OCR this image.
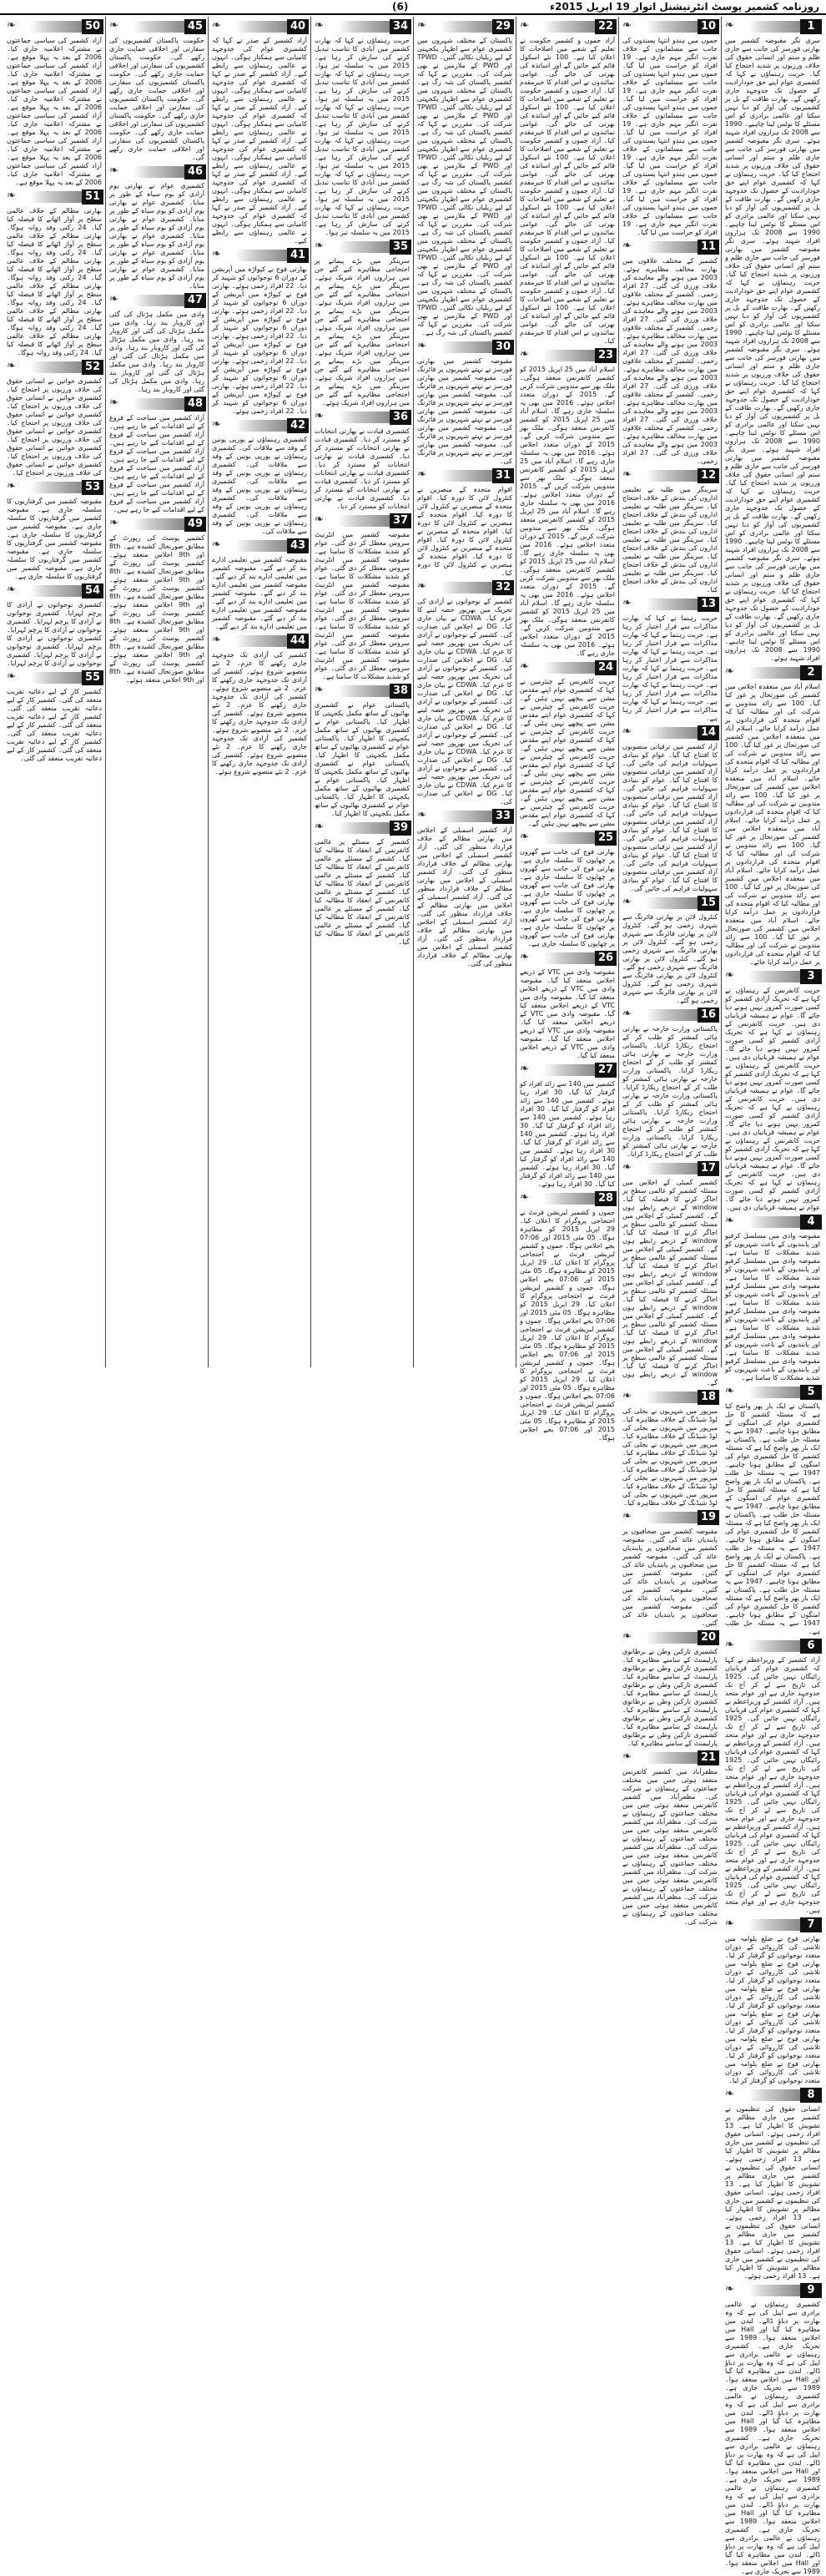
(6)	روزنامہ کشمیر پوسٹ انٹرنیشنل اتوار 19 اپریل 2015ء
1
❧
سری نگر مقبوضہ کشمیر میں بھارتی فورسز کی جانب سے جاری ظلم و ستم اور انسانی حقوق کی خلاف ورزیوں پر شدید احتجاج کیا گیا۔ حریت رہنماؤں نے کہا کہ کشمیری عوام اپنے حق خودارادیت کے حصول تک جدوجہد جاری رکھیں گے۔ بھارت طاقت کے بل پر کشمیریوں کی آواز کو دبا نہیں سکتا اور عالمی برادری کو اس مسئلے کا نوٹس لینا چاہیے۔ 1990 سے 2008 تک ہزاروں افراد شہید ہوئے۔ سری نگر مقبوضہ کشمیر میں بھارتی فورسز کی جانب سے جاری ظلم و ستم اور انسانی حقوق کی خلاف ورزیوں پر شدید احتجاج کیا گیا۔ حریت رہنماؤں نے کہا کہ کشمیری عوام اپنے حق خودارادیت کے حصول تک جدوجہد جاری رکھیں گے۔ بھارت طاقت کے بل پر کشمیریوں کی آواز کو دبا نہیں سکتا اور عالمی برادری کو اس مسئلے کا نوٹس لینا چاہیے۔ 1990 سے 2008 تک ہزاروں افراد شہید ہوئے۔ سری نگر مقبوضہ کشمیر میں بھارتی فورسز کی جانب سے جاری ظلم و ستم اور انسانی حقوق کی خلاف ورزیوں پر شدید احتجاج کیا گیا۔ حریت رہنماؤں نے کہا کہ کشمیری عوام اپنے حق خودارادیت کے حصول تک جدوجہد جاری رکھیں گے۔ بھارت طاقت کے بل پر کشمیریوں کی آواز کو دبا نہیں سکتا اور عالمی برادری کو اس مسئلے کا نوٹس لینا چاہیے۔ 1990 سے 2008 تک ہزاروں افراد شہید ہوئے۔ سری نگر مقبوضہ کشمیر میں بھارتی فورسز کی جانب سے جاری ظلم و ستم اور انسانی حقوق کی خلاف ورزیوں پر شدید احتجاج کیا گیا۔ حریت رہنماؤں نے کہا کہ کشمیری عوام اپنے حق خودارادیت کے حصول تک جدوجہد جاری رکھیں گے۔ بھارت طاقت کے بل پر کشمیریوں کی آواز کو دبا نہیں سکتا اور عالمی برادری کو اس مسئلے کا نوٹس لینا چاہیے۔ 1990 سے 2008 تک ہزاروں افراد شہید ہوئے۔ سری نگر مقبوضہ کشمیر میں بھارتی فورسز کی جانب سے جاری ظلم و ستم اور انسانی حقوق کی خلاف ورزیوں پر شدید احتجاج کیا گیا۔ حریت رہنماؤں نے کہا کہ کشمیری عوام اپنے حق خودارادیت کے حصول تک جدوجہد جاری رکھیں گے۔ بھارت طاقت کے بل پر کشمیریوں کی آواز کو دبا نہیں سکتا اور عالمی برادری کو اس مسئلے کا نوٹس لینا چاہیے۔ 1990 سے 2008 تک ہزاروں افراد شہید ہوئے۔ سری نگر مقبوضہ کشمیر میں بھارتی فورسز کی جانب سے جاری ظلم و ستم اور انسانی حقوق کی خلاف ورزیوں پر شدید احتجاج کیا گیا۔ حریت رہنماؤں نے کہا کہ کشمیری عوام اپنے حق خودارادیت کے حصول تک جدوجہد جاری رکھیں گے۔ بھارت طاقت کے بل پر کشمیریوں کی آواز کو دبا نہیں سکتا اور عالمی برادری کو اس مسئلے کا نوٹس لینا چاہیے۔ 1990 سے 2008 تک ہزاروں افراد شہید ہوئے۔
2
❧
اسلام آباد میں منعقدہ اجلاس میں کشمیر کی صورتحال پر غور کیا گیا۔ 100 سے زائد مندوبین نے شرکت کی اور مطالبہ کیا کہ اقوام متحدہ کی قراردادوں پر عمل درآمد کرایا جائے۔ اسلام آباد میں منعقدہ اجلاس میں کشمیر کی صورتحال پر غور کیا گیا۔ 100 سے زائد مندوبین نے شرکت کی اور مطالبہ کیا کہ اقوام متحدہ کی قراردادوں پر عمل درآمد کرایا جائے۔ اسلام آباد میں منعقدہ اجلاس میں کشمیر کی صورتحال پر غور کیا گیا۔ 100 سے زائد مندوبین نے شرکت کی اور مطالبہ کیا کہ اقوام متحدہ کی قراردادوں پر عمل درآمد کرایا جائے۔ اسلام آباد میں منعقدہ اجلاس میں کشمیر کی صورتحال پر غور کیا گیا۔ 100 سے زائد مندوبین نے شرکت کی اور مطالبہ کیا کہ اقوام متحدہ کی قراردادوں پر عمل درآمد کرایا جائے۔ اسلام آباد میں منعقدہ اجلاس میں کشمیر کی صورتحال پر غور کیا گیا۔ 100 سے زائد مندوبین نے شرکت کی اور مطالبہ کیا کہ اقوام متحدہ کی قراردادوں پر عمل درآمد کرایا جائے۔ اسلام آباد میں منعقدہ اجلاس میں کشمیر کی صورتحال پر غور کیا گیا۔ 100 سے زائد مندوبین نے شرکت کی اور مطالبہ کیا کہ اقوام متحدہ کی قراردادوں پر عمل درآمد کرایا جائے۔
3
❧
حریت کانفرنس کے رہنماؤں نے کہا ہے کہ تحریک آزادی کشمیر کو کسی صورت کمزور نہیں ہونے دیا جائے گا۔ عوام نے ہمیشہ قربانیاں دی ہیں۔ حریت کانفرنس کے رہنماؤں نے کہا ہے کہ تحریک آزادی کشمیر کو کسی صورت کمزور نہیں ہونے دیا جائے گا۔ عوام نے ہمیشہ قربانیاں دی ہیں۔ حریت کانفرنس کے رہنماؤں نے کہا ہے کہ تحریک آزادی کشمیر کو کسی صورت کمزور نہیں ہونے دیا جائے گا۔ عوام نے ہمیشہ قربانیاں دی ہیں۔ حریت کانفرنس کے رہنماؤں نے کہا ہے کہ تحریک آزادی کشمیر کو کسی صورت کمزور نہیں ہونے دیا جائے گا۔ عوام نے ہمیشہ قربانیاں دی ہیں۔ حریت کانفرنس کے رہنماؤں نے کہا ہے کہ تحریک آزادی کشمیر کو کسی صورت کمزور نہیں ہونے دیا جائے گا۔ عوام نے ہمیشہ قربانیاں دی ہیں۔ حریت کانفرنس کے رہنماؤں نے کہا ہے کہ تحریک آزادی کشمیر کو کسی صورت کمزور نہیں ہونے دیا جائے گا۔ عوام نے ہمیشہ قربانیاں دی ہیں۔
4
❧
مقبوضہ وادی میں مسلسل کرفیو اور پابندیوں کے باعث شہریوں کو شدید مشکلات کا سامنا ہے۔ مقبوضہ وادی میں مسلسل کرفیو اور پابندیوں کے باعث شہریوں کو شدید مشکلات کا سامنا ہے۔ مقبوضہ وادی میں مسلسل کرفیو اور پابندیوں کے باعث شہریوں کو شدید مشکلات کا سامنا ہے۔ مقبوضہ وادی میں مسلسل کرفیو اور پابندیوں کے باعث شہریوں کو شدید مشکلات کا سامنا ہے۔ مقبوضہ وادی میں مسلسل کرفیو اور پابندیوں کے باعث شہریوں کو شدید مشکلات کا سامنا ہے۔ مقبوضہ وادی میں مسلسل کرفیو اور پابندیوں کے باعث شہریوں کو شدید مشکلات کا سامنا ہے۔
5
❧
پاکستان نے ایک بار پھر واضح کیا ہے کہ مسئلہ کشمیر کا حل کشمیری عوام کی امنگوں کے مطابق ہونا چاہیے۔ 1947 سے یہ مسئلہ حل طلب ہے۔ پاکستان نے ایک بار پھر واضح کیا ہے کہ مسئلہ کشمیر کا حل کشمیری عوام کی امنگوں کے مطابق ہونا چاہیے۔ 1947 سے یہ مسئلہ حل طلب ہے۔ پاکستان نے ایک بار پھر واضح کیا ہے کہ مسئلہ کشمیر کا حل کشمیری عوام کی امنگوں کے مطابق ہونا چاہیے۔ 1947 سے یہ مسئلہ حل طلب ہے۔ پاکستان نے ایک بار پھر واضح کیا ہے کہ مسئلہ کشمیر کا حل کشمیری عوام کی امنگوں کے مطابق ہونا چاہیے۔ 1947 سے یہ مسئلہ حل طلب ہے۔ پاکستان نے ایک بار پھر واضح کیا ہے کہ مسئلہ کشمیر کا حل کشمیری عوام کی امنگوں کے مطابق ہونا چاہیے۔ 1947 سے یہ مسئلہ حل طلب ہے۔ پاکستان نے ایک بار پھر واضح کیا ہے کہ مسئلہ کشمیر کا حل کشمیری عوام کی امنگوں کے مطابق ہونا چاہیے۔ 1947 سے یہ مسئلہ حل طلب ہے۔
6
❧
آزاد کشمیر کے وزیراعظم نے کہا کہ کشمیری عوام کی قربانیاں رائیگاں نہیں جائیں گی۔ 1925 کی تاریخ سے لے کر آج تک جدوجہد جاری ہے اور عوام متحد ہیں۔ آزاد کشمیر کے وزیراعظم نے کہا کہ کشمیری عوام کی قربانیاں رائیگاں نہیں جائیں گی۔ 1925 کی تاریخ سے لے کر آج تک جدوجہد جاری ہے اور عوام متحد ہیں۔ آزاد کشمیر کے وزیراعظم نے کہا کہ کشمیری عوام کی قربانیاں رائیگاں نہیں جائیں گی۔ 1925 کی تاریخ سے لے کر آج تک جدوجہد جاری ہے اور عوام متحد ہیں۔ آزاد کشمیر کے وزیراعظم نے کہا کہ کشمیری عوام کی قربانیاں رائیگاں نہیں جائیں گی۔ 1925 کی تاریخ سے لے کر آج تک جدوجہد جاری ہے اور عوام متحد ہیں۔ آزاد کشمیر کے وزیراعظم نے کہا کہ کشمیری عوام کی قربانیاں رائیگاں نہیں جائیں گی۔ 1925 کی تاریخ سے لے کر آج تک جدوجہد جاری ہے اور عوام متحد ہیں۔ آزاد کشمیر کے وزیراعظم نے کہا کہ کشمیری عوام کی قربانیاں رائیگاں نہیں جائیں گی۔ 1925 کی تاریخ سے لے کر آج تک جدوجہد جاری ہے اور عوام متحد ہیں۔
7
❧
بھارتی فوج نے ضلع پلوامہ میں تلاشی کی کارروائی کے دوران متعدد نوجوانوں کو گرفتار کر لیا۔ بھارتی فوج نے ضلع پلوامہ میں تلاشی کی کارروائی کے دوران متعدد نوجوانوں کو گرفتار کر لیا۔ بھارتی فوج نے ضلع پلوامہ میں تلاشی کی کارروائی کے دوران متعدد نوجوانوں کو گرفتار کر لیا۔ بھارتی فوج نے ضلع پلوامہ میں تلاشی کی کارروائی کے دوران متعدد نوجوانوں کو گرفتار کر لیا۔ بھارتی فوج نے ضلع پلوامہ میں تلاشی کی کارروائی کے دوران متعدد نوجوانوں کو گرفتار کر لیا۔ بھارتی فوج نے ضلع پلوامہ میں تلاشی کی کارروائی کے دوران متعدد نوجوانوں کو گرفتار کر لیا۔
8
❧
انسانی حقوق کی تنظیموں نے کشمیر میں جاری مظالم پر تشویش کا اظہار کیا ہے۔ 13 افراد زخمی ہوئے۔ انسانی حقوق کی تنظیموں نے کشمیر میں جاری مظالم پر تشویش کا اظہار کیا ہے۔ 13 افراد زخمی ہوئے۔ انسانی حقوق کی تنظیموں نے کشمیر میں جاری مظالم پر تشویش کا اظہار کیا ہے۔ 13 افراد زخمی ہوئے۔ انسانی حقوق کی تنظیموں نے کشمیر میں جاری مظالم پر تشویش کا اظہار کیا ہے۔ 13 افراد زخمی ہوئے۔ انسانی حقوق کی تنظیموں نے کشمیر میں جاری مظالم پر تشویش کا اظہار کیا ہے۔ 13 افراد زخمی ہوئے۔ انسانی حقوق کی تنظیموں نے کشمیر میں جاری مظالم پر تشویش کا اظہار کیا ہے۔ 13 افراد زخمی ہوئے۔
9
❧
کشمیری رہنماؤں نے عالمی برادری سے اپیل کی ہے کہ وہ بھارت پر دباؤ ڈالے۔ لندن میں مظاہرہ کیا گیا اور Hall میں اجلاس منعقد ہوا۔ 1989 سے تحریک جاری ہے۔ کشمیری رہنماؤں نے عالمی برادری سے اپیل کی ہے کہ وہ بھارت پر دباؤ ڈالے۔ لندن میں مظاہرہ کیا گیا اور Hall میں اجلاس منعقد ہوا۔ 1989 سے تحریک جاری ہے۔ کشمیری رہنماؤں نے عالمی برادری سے اپیل کی ہے کہ وہ بھارت پر دباؤ ڈالے۔ لندن میں مظاہرہ کیا گیا اور Hall میں اجلاس منعقد ہوا۔ 1989 سے تحریک جاری ہے۔ کشمیری رہنماؤں نے عالمی برادری سے اپیل کی ہے کہ وہ بھارت پر دباؤ ڈالے۔ لندن میں مظاہرہ کیا گیا اور Hall میں اجلاس منعقد ہوا۔ 1989 سے تحریک جاری ہے۔ کشمیری رہنماؤں نے عالمی برادری سے اپیل کی ہے کہ وہ بھارت پر دباؤ ڈالے۔ لندن میں مظاہرہ کیا گیا اور Hall میں اجلاس منعقد ہوا۔ 1989 سے تحریک جاری ہے۔ کشمیری رہنماؤں نے عالمی برادری سے اپیل کی ہے کہ وہ بھارت پر دباؤ ڈالے۔ لندن میں مظاہرہ کیا گیا اور Hall میں اجلاس منعقد ہوا۔ 1989 سے تحریک جاری ہے۔
10
❧
جموں میں ہندو انتہا پسندوں کی جانب سے مسلمانوں کے خلاف نفرت انگیز مہم جاری ہے۔ 19 افراد کو حراست میں لیا گیا۔ جموں میں ہندو انتہا پسندوں کی جانب سے مسلمانوں کے خلاف نفرت انگیز مہم جاری ہے۔ 19 افراد کو حراست میں لیا گیا۔ جموں میں ہندو انتہا پسندوں کی جانب سے مسلمانوں کے خلاف نفرت انگیز مہم جاری ہے۔ 19 افراد کو حراست میں لیا گیا۔ جموں میں ہندو انتہا پسندوں کی جانب سے مسلمانوں کے خلاف نفرت انگیز مہم جاری ہے۔ 19 افراد کو حراست میں لیا گیا۔ جموں میں ہندو انتہا پسندوں کی جانب سے مسلمانوں کے خلاف نفرت انگیز مہم جاری ہے۔ 19 افراد کو حراست میں لیا گیا۔ جموں میں ہندو انتہا پسندوں کی جانب سے مسلمانوں کے خلاف نفرت انگیز مہم جاری ہے۔ 19 افراد کو حراست میں لیا گیا۔
11
❧
کشمیر کے مختلف علاقوں میں بھارت مخالف مظاہرے ہوئے۔ 2003 میں ہونے والے معاہدے کی خلاف ورزی کی گئی۔ 27 افراد زخمی۔ کشمیر کے مختلف علاقوں میں بھارت مخالف مظاہرے ہوئے۔ 2003 میں ہونے والے معاہدے کی خلاف ورزی کی گئی۔ 27 افراد زخمی۔ کشمیر کے مختلف علاقوں میں بھارت مخالف مظاہرے ہوئے۔ 2003 میں ہونے والے معاہدے کی خلاف ورزی کی گئی۔ 27 افراد زخمی۔ کشمیر کے مختلف علاقوں میں بھارت مخالف مظاہرے ہوئے۔ 2003 میں ہونے والے معاہدے کی خلاف ورزی کی گئی۔ 27 افراد زخمی۔ کشمیر کے مختلف علاقوں میں بھارت مخالف مظاہرے ہوئے۔ 2003 میں ہونے والے معاہدے کی خلاف ورزی کی گئی۔ 27 افراد زخمی۔ کشمیر کے مختلف علاقوں میں بھارت مخالف مظاہرے ہوئے۔ 2003 میں ہونے والے معاہدے کی خلاف ورزی کی گئی۔ 27 افراد زخمی۔
12
❧
سرینگر میں طلبہ نے تعلیمی اداروں کی بندش کے خلاف احتجاج کیا۔ سرینگر میں طلبہ نے تعلیمی اداروں کی بندش کے خلاف احتجاج کیا۔ سرینگر میں طلبہ نے تعلیمی اداروں کی بندش کے خلاف احتجاج کیا۔ سرینگر میں طلبہ نے تعلیمی اداروں کی بندش کے خلاف احتجاج کیا۔ سرینگر میں طلبہ نے تعلیمی اداروں کی بندش کے خلاف احتجاج کیا۔ سرینگر میں طلبہ نے تعلیمی اداروں کی بندش کے خلاف احتجاج کیا۔
13
❧
حریت رہنما نے کہا کہ بھارت مذاکرات سے فرار اختیار کر رہا ہے۔ حریت رہنما نے کہا کہ بھارت مذاکرات سے فرار اختیار کر رہا ہے۔ حریت رہنما نے کہا کہ بھارت مذاکرات سے فرار اختیار کر رہا ہے۔ حریت رہنما نے کہا کہ بھارت مذاکرات سے فرار اختیار کر رہا ہے۔ حریت رہنما نے کہا کہ بھارت مذاکرات سے فرار اختیار کر رہا ہے۔ حریت رہنما نے کہا کہ بھارت مذاکرات سے فرار اختیار کر رہا ہے۔
14
❧
آزاد کشمیر میں ترقیاتی منصوبوں کا افتتاح کیا گیا۔ عوام کو بنیادی سہولیات فراہم کی جائیں گی۔ آزاد کشمیر میں ترقیاتی منصوبوں کا افتتاح کیا گیا۔ عوام کو بنیادی سہولیات فراہم کی جائیں گی۔ آزاد کشمیر میں ترقیاتی منصوبوں کا افتتاح کیا گیا۔ عوام کو بنیادی سہولیات فراہم کی جائیں گی۔ آزاد کشمیر میں ترقیاتی منصوبوں کا افتتاح کیا گیا۔ عوام کو بنیادی سہولیات فراہم کی جائیں گی۔ آزاد کشمیر میں ترقیاتی منصوبوں کا افتتاح کیا گیا۔ عوام کو بنیادی سہولیات فراہم کی جائیں گی۔ آزاد کشمیر میں ترقیاتی منصوبوں کا افتتاح کیا گیا۔ عوام کو بنیادی سہولیات فراہم کی جائیں گی۔
15
❧
کنٹرول لائن پر بھارتی فائرنگ سے شہری زخمی ہو گئے۔ کنٹرول لائن پر بھارتی فائرنگ سے شہری زخمی ہو گئے۔ کنٹرول لائن پر بھارتی فائرنگ سے شہری زخمی ہو گئے۔ کنٹرول لائن پر بھارتی فائرنگ سے شہری زخمی ہو گئے۔ کنٹرول لائن پر بھارتی فائرنگ سے شہری زخمی ہو گئے۔ کنٹرول لائن پر بھارتی فائرنگ سے شہری زخمی ہو گئے۔
16
❧
پاکستانی وزارت خارجہ نے بھارتی ہائی کمشنر کو طلب کر کے احتجاج ریکارڈ کرایا۔ پاکستانی وزارت خارجہ نے بھارتی ہائی کمشنر کو طلب کر کے احتجاج ریکارڈ کرایا۔ پاکستانی وزارت خارجہ نے بھارتی ہائی کمشنر کو طلب کر کے احتجاج ریکارڈ کرایا۔ پاکستانی وزارت خارجہ نے بھارتی ہائی کمشنر کو طلب کر کے احتجاج ریکارڈ کرایا۔ پاکستانی وزارت خارجہ نے بھارتی ہائی کمشنر کو طلب کر کے احتجاج ریکارڈ کرایا۔ پاکستانی وزارت خارجہ نے بھارتی ہائی کمشنر کو طلب کر کے احتجاج ریکارڈ کرایا۔
17
❧
کشمیر کمیٹی کے اجلاس میں مسئلہ کشمیر کو عالمی سطح پر اجاگر کرنے کا فیصلہ کیا گیا۔ window کے ذریعے رابطے ہوں گے۔ کشمیر کمیٹی کے اجلاس میں مسئلہ کشمیر کو عالمی سطح پر اجاگر کرنے کا فیصلہ کیا گیا۔ window کے ذریعے رابطے ہوں گے۔ کشمیر کمیٹی کے اجلاس میں مسئلہ کشمیر کو عالمی سطح پر اجاگر کرنے کا فیصلہ کیا گیا۔ window کے ذریعے رابطے ہوں گے۔ کشمیر کمیٹی کے اجلاس میں مسئلہ کشمیر کو عالمی سطح پر اجاگر کرنے کا فیصلہ کیا گیا۔ window کے ذریعے رابطے ہوں گے۔ کشمیر کمیٹی کے اجلاس میں مسئلہ کشمیر کو عالمی سطح پر اجاگر کرنے کا فیصلہ کیا گیا۔ window کے ذریعے رابطے ہوں گے۔ کشمیر کمیٹی کے اجلاس میں مسئلہ کشمیر کو عالمی سطح پر اجاگر کرنے کا فیصلہ کیا گیا۔ window کے ذریعے رابطے ہوں گے۔
18
❧
میرپور میں شہریوں نے بجلی کی لوڈ شیڈنگ کے خلاف مظاہرہ کیا۔ میرپور میں شہریوں نے بجلی کی لوڈ شیڈنگ کے خلاف مظاہرہ کیا۔ میرپور میں شہریوں نے بجلی کی لوڈ شیڈنگ کے خلاف مظاہرہ کیا۔ میرپور میں شہریوں نے بجلی کی لوڈ شیڈنگ کے خلاف مظاہرہ کیا۔ میرپور میں شہریوں نے بجلی کی لوڈ شیڈنگ کے خلاف مظاہرہ کیا۔ میرپور میں شہریوں نے بجلی کی لوڈ شیڈنگ کے خلاف مظاہرہ کیا۔
19
❧
مقبوضہ کشمیر میں صحافیوں پر پابندیاں عائد کی گئیں۔ مقبوضہ کشمیر میں صحافیوں پر پابندیاں عائد کی گئیں۔ مقبوضہ کشمیر میں صحافیوں پر پابندیاں عائد کی گئیں۔ مقبوضہ کشمیر میں صحافیوں پر پابندیاں عائد کی گئیں۔ مقبوضہ کشمیر میں صحافیوں پر پابندیاں عائد کی گئیں۔ مقبوضہ کشمیر میں صحافیوں پر پابندیاں عائد کی گئیں۔
20
❧
کشمیری تارکین وطن نے برطانوی پارلیمنٹ کے سامنے مظاہرہ کیا۔ کشمیری تارکین وطن نے برطانوی پارلیمنٹ کے سامنے مظاہرہ کیا۔ کشمیری تارکین وطن نے برطانوی پارلیمنٹ کے سامنے مظاہرہ کیا۔ کشمیری تارکین وطن نے برطانوی پارلیمنٹ کے سامنے مظاہرہ کیا۔ کشمیری تارکین وطن نے برطانوی پارلیمنٹ کے سامنے مظاہرہ کیا۔ کشمیری تارکین وطن نے برطانوی پارلیمنٹ کے سامنے مظاہرہ کیا۔
21
❧
مظفرآباد میں کشمیر کانفرنس منعقد ہوئی جس میں مختلف جماعتوں کے رہنماؤں نے شرکت کی۔ مظفرآباد میں کشمیر کانفرنس منعقد ہوئی جس میں مختلف جماعتوں کے رہنماؤں نے شرکت کی۔ مظفرآباد میں کشمیر کانفرنس منعقد ہوئی جس میں مختلف جماعتوں کے رہنماؤں نے شرکت کی۔ مظفرآباد میں کشمیر کانفرنس منعقد ہوئی جس میں مختلف جماعتوں کے رہنماؤں نے شرکت کی۔ مظفرآباد میں کشمیر کانفرنس منعقد ہوئی جس میں مختلف جماعتوں کے رہنماؤں نے شرکت کی۔ مظفرآباد میں کشمیر کانفرنس منعقد ہوئی جس میں مختلف جماعتوں کے رہنماؤں نے شرکت کی۔
22
❧
آزاد جموں و کشمیر حکومت نے تعلیم کے شعبے میں اصلاحات کا اعلان کیا ہے۔ 100 نئے اسکول قائم کیے جائیں گے اور اساتذہ کی بھرتی کی جائے گی۔ عوامی نمائندوں نے اس اقدام کا خیرمقدم کیا۔ آزاد جموں و کشمیر حکومت نے تعلیم کے شعبے میں اصلاحات کا اعلان کیا ہے۔ 100 نئے اسکول قائم کیے جائیں گے اور اساتذہ کی بھرتی کی جائے گی۔ عوامی نمائندوں نے اس اقدام کا خیرمقدم کیا۔ آزاد جموں و کشمیر حکومت نے تعلیم کے شعبے میں اصلاحات کا اعلان کیا ہے۔ 100 نئے اسکول قائم کیے جائیں گے اور اساتذہ کی بھرتی کی جائے گی۔ عوامی نمائندوں نے اس اقدام کا خیرمقدم کیا۔ آزاد جموں و کشمیر حکومت نے تعلیم کے شعبے میں اصلاحات کا اعلان کیا ہے۔ 100 نئے اسکول قائم کیے جائیں گے اور اساتذہ کی بھرتی کی جائے گی۔ عوامی نمائندوں نے اس اقدام کا خیرمقدم کیا۔ آزاد جموں و کشمیر حکومت نے تعلیم کے شعبے میں اصلاحات کا اعلان کیا ہے۔ 100 نئے اسکول قائم کیے جائیں گے اور اساتذہ کی بھرتی کی جائے گی۔ عوامی نمائندوں نے اس اقدام کا خیرمقدم کیا۔ آزاد جموں و کشمیر حکومت نے تعلیم کے شعبے میں اصلاحات کا اعلان کیا ہے۔ 100 نئے اسکول قائم کیے جائیں گے اور اساتذہ کی بھرتی کی جائے گی۔ عوامی نمائندوں نے اس اقدام کا خیرمقدم کیا۔
23
❧
اسلام آباد میں 25 اپریل 2015 کو کشمیر کانفرنس منعقد ہوگی۔ ملک بھر سے مندوبین شرکت کریں گے۔ 2015 کے دوران متعدد اجلاس ہوئے۔ 2016 میں بھی یہ سلسلہ جاری رہے گا۔ اسلام آباد میں 25 اپریل 2015 کو کشمیر کانفرنس منعقد ہوگی۔ ملک بھر سے مندوبین شرکت کریں گے۔ 2015 کے دوران متعدد اجلاس ہوئے۔ 2016 میں بھی یہ سلسلہ جاری رہے گا۔ اسلام آباد میں 25 اپریل 2015 کو کشمیر کانفرنس منعقد ہوگی۔ ملک بھر سے مندوبین شرکت کریں گے۔ 2015 کے دوران متعدد اجلاس ہوئے۔ 2016 میں بھی یہ سلسلہ جاری رہے گا۔ اسلام آباد میں 25 اپریل 2015 کو کشمیر کانفرنس منعقد ہوگی۔ ملک بھر سے مندوبین شرکت کریں گے۔ 2015 کے دوران متعدد اجلاس ہوئے۔ 2016 میں بھی یہ سلسلہ جاری رہے گا۔ اسلام آباد میں 25 اپریل 2015 کو کشمیر کانفرنس منعقد ہوگی۔ ملک بھر سے مندوبین شرکت کریں گے۔ 2015 کے دوران متعدد اجلاس ہوئے۔ 2016 میں بھی یہ سلسلہ جاری رہے گا۔ اسلام آباد میں 25 اپریل 2015 کو کشمیر کانفرنس منعقد ہوگی۔ ملک بھر سے مندوبین شرکت کریں گے۔ 2015 کے دوران متعدد اجلاس ہوئے۔ 2016 میں بھی یہ سلسلہ جاری رہے گا۔
24
❧
حریت کانفرنس کے چیئرمین نے کہا کہ کشمیری عوام اپنے مقدس مشن سے پیچھے نہیں ہٹیں گے۔ حریت کانفرنس کے چیئرمین نے کہا کہ کشمیری عوام اپنے مقدس مشن سے پیچھے نہیں ہٹیں گے۔ حریت کانفرنس کے چیئرمین نے کہا کہ کشمیری عوام اپنے مقدس مشن سے پیچھے نہیں ہٹیں گے۔ حریت کانفرنس کے چیئرمین نے کہا کہ کشمیری عوام اپنے مقدس مشن سے پیچھے نہیں ہٹیں گے۔ حریت کانفرنس کے چیئرمین نے کہا کہ کشمیری عوام اپنے مقدس مشن سے پیچھے نہیں ہٹیں گے۔ حریت کانفرنس کے چیئرمین نے کہا کہ کشمیری عوام اپنے مقدس مشن سے پیچھے نہیں ہٹیں گے۔
25
❧
بھارتی فوج کی جانب سے گھروں پر چھاپوں کا سلسلہ جاری ہے۔ بھارتی فوج کی جانب سے گھروں پر چھاپوں کا سلسلہ جاری ہے۔ بھارتی فوج کی جانب سے گھروں پر چھاپوں کا سلسلہ جاری ہے۔ بھارتی فوج کی جانب سے گھروں پر چھاپوں کا سلسلہ جاری ہے۔ بھارتی فوج کی جانب سے گھروں پر چھاپوں کا سلسلہ جاری ہے۔ بھارتی فوج کی جانب سے گھروں پر چھاپوں کا سلسلہ جاری ہے۔
26
❧
مقبوضہ وادی میں VTC کے ذریعے اجلاس منعقد کیا گیا۔ مقبوضہ وادی میں VTC کے ذریعے اجلاس منعقد کیا گیا۔ مقبوضہ وادی میں VTC کے ذریعے اجلاس منعقد کیا گیا۔ مقبوضہ وادی میں VTC کے ذریعے اجلاس منعقد کیا گیا۔ مقبوضہ وادی میں VTC کے ذریعے اجلاس منعقد کیا گیا۔ مقبوضہ وادی میں VTC کے ذریعے اجلاس منعقد کیا گیا۔
27
❧
کشمیر میں 140 سے زائد افراد کو گرفتار کیا گیا۔ 30 افراد رہا ہوئے۔ کشمیر میں 140 سے زائد افراد کو گرفتار کیا گیا۔ 30 افراد رہا ہوئے۔ کشمیر میں 140 سے زائد افراد کو گرفتار کیا گیا۔ 30 افراد رہا ہوئے۔ کشمیر میں 140 سے زائد افراد کو گرفتار کیا گیا۔ 30 افراد رہا ہوئے۔ کشمیر میں 140 سے زائد افراد کو گرفتار کیا گیا۔ 30 افراد رہا ہوئے۔ کشمیر میں 140 سے زائد افراد کو گرفتار کیا گیا۔ 30 افراد رہا ہوئے۔
28
❧
جموں و کشمیر لبریشن فرنٹ نے احتجاجی پروگرام کا اعلان کیا۔ 29 اپریل 2015 کو مظاہرہ ہوگا۔ 05 مئی 2015 اور 07:06 بجے اجلاس ہوگا۔ جموں و کشمیر لبریشن فرنٹ نے احتجاجی پروگرام کا اعلان کیا۔ 29 اپریل 2015 کو مظاہرہ ہوگا۔ 05 مئی 2015 اور 07:06 بجے اجلاس ہوگا۔ جموں و کشمیر لبریشن فرنٹ نے احتجاجی پروگرام کا اعلان کیا۔ 29 اپریل 2015 کو مظاہرہ ہوگا۔ 05 مئی 2015 اور 07:06 بجے اجلاس ہوگا۔ جموں و کشمیر لبریشن فرنٹ نے احتجاجی پروگرام کا اعلان کیا۔ 29 اپریل 2015 کو مظاہرہ ہوگا۔ 05 مئی 2015 اور 07:06 بجے اجلاس ہوگا۔ جموں و کشمیر لبریشن فرنٹ نے احتجاجی پروگرام کا اعلان کیا۔ 29 اپریل 2015 کو مظاہرہ ہوگا۔ 05 مئی 2015 اور 07:06 بجے اجلاس ہوگا۔ جموں و کشمیر لبریشن فرنٹ نے احتجاجی پروگرام کا اعلان کیا۔ 29 اپریل 2015 کو مظاہرہ ہوگا۔ 05 مئی 2015 اور 07:06 بجے اجلاس ہوگا۔
29
❧
پاکستان کے مختلف شہروں میں کشمیری عوام سے اظہار یکجہتی کے لیے ریلیاں نکالی گئیں۔ TPWD اور PWD کے ملازمین نے بھی شرکت کی۔ مقررین نے کہا کہ کشمیر پاکستان کی شہ رگ ہے۔ پاکستان کے مختلف شہروں میں کشمیری عوام سے اظہار یکجہتی کے لیے ریلیاں نکالی گئیں۔ TPWD اور PWD کے ملازمین نے بھی شرکت کی۔ مقررین نے کہا کہ کشمیر پاکستان کی شہ رگ ہے۔ پاکستان کے مختلف شہروں میں کشمیری عوام سے اظہار یکجہتی کے لیے ریلیاں نکالی گئیں۔ TPWD اور PWD کے ملازمین نے بھی شرکت کی۔ مقررین نے کہا کہ کشمیر پاکستان کی شہ رگ ہے۔ پاکستان کے مختلف شہروں میں کشمیری عوام سے اظہار یکجہتی کے لیے ریلیاں نکالی گئیں۔ TPWD اور PWD کے ملازمین نے بھی شرکت کی۔ مقررین نے کہا کہ کشمیر پاکستان کی شہ رگ ہے۔ پاکستان کے مختلف شہروں میں کشمیری عوام سے اظہار یکجہتی کے لیے ریلیاں نکالی گئیں۔ TPWD اور PWD کے ملازمین نے بھی شرکت کی۔ مقررین نے کہا کہ کشمیر پاکستان کی شہ رگ ہے۔ پاکستان کے مختلف شہروں میں کشمیری عوام سے اظہار یکجہتی کے لیے ریلیاں نکالی گئیں۔ TPWD اور PWD کے ملازمین نے بھی شرکت کی۔ مقررین نے کہا کہ کشمیر پاکستان کی شہ رگ ہے۔
30
❧
مقبوضہ کشمیر میں بھارتی فورسز نے نہتے شہریوں پر فائرنگ کی۔ مقبوضہ کشمیر میں بھارتی فورسز نے نہتے شہریوں پر فائرنگ کی۔ مقبوضہ کشمیر میں بھارتی فورسز نے نہتے شہریوں پر فائرنگ کی۔ مقبوضہ کشمیر میں بھارتی فورسز نے نہتے شہریوں پر فائرنگ کی۔ مقبوضہ کشمیر میں بھارتی فورسز نے نہتے شہریوں پر فائرنگ کی۔ مقبوضہ کشمیر میں بھارتی فورسز نے نہتے شہریوں پر فائرنگ کی۔
31
❧
اقوام متحدہ کے مبصرین نے کنٹرول لائن کا دورہ کیا۔ اقوام متحدہ کے مبصرین نے کنٹرول لائن کا دورہ کیا۔ اقوام متحدہ کے مبصرین نے کنٹرول لائن کا دورہ کیا۔ اقوام متحدہ کے مبصرین نے کنٹرول لائن کا دورہ کیا۔ اقوام متحدہ کے مبصرین نے کنٹرول لائن کا دورہ کیا۔ اقوام متحدہ کے مبصرین نے کنٹرول لائن کا دورہ کیا۔
32
❧
کشمیر کے نوجوانوں نے آزادی کی تحریک میں بھرپور حصہ لینے کا عزم کیا۔ CDWA نے بیان جاری کیا۔ DG نے اجلاس کی صدارت کی۔ کشمیر کے نوجوانوں نے آزادی کی تحریک میں بھرپور حصہ لینے کا عزم کیا۔ CDWA نے بیان جاری کیا۔ DG نے اجلاس کی صدارت کی۔ کشمیر کے نوجوانوں نے آزادی کی تحریک میں بھرپور حصہ لینے کا عزم کیا۔ CDWA نے بیان جاری کیا۔ DG نے اجلاس کی صدارت کی۔ کشمیر کے نوجوانوں نے آزادی کی تحریک میں بھرپور حصہ لینے کا عزم کیا۔ CDWA نے بیان جاری کیا۔ DG نے اجلاس کی صدارت کی۔ کشمیر کے نوجوانوں نے آزادی کی تحریک میں بھرپور حصہ لینے کا عزم کیا۔ CDWA نے بیان جاری کیا۔ DG نے اجلاس کی صدارت کی۔ کشمیر کے نوجوانوں نے آزادی کی تحریک میں بھرپور حصہ لینے کا عزم کیا۔ CDWA نے بیان جاری کیا۔ DG نے اجلاس کی صدارت کی۔
33
❧
آزاد کشمیر اسمبلی کے اجلاس میں بھارتی مظالم کے خلاف قرارداد منظور کی گئی۔ آزاد کشمیر اسمبلی کے اجلاس میں بھارتی مظالم کے خلاف قرارداد منظور کی گئی۔ آزاد کشمیر اسمبلی کے اجلاس میں بھارتی مظالم کے خلاف قرارداد منظور کی گئی۔ آزاد کشمیر اسمبلی کے اجلاس میں بھارتی مظالم کے خلاف قرارداد منظور کی گئی۔ آزاد کشمیر اسمبلی کے اجلاس میں بھارتی مظالم کے خلاف قرارداد منظور کی گئی۔ آزاد کشمیر اسمبلی کے اجلاس میں بھارتی مظالم کے خلاف قرارداد منظور کی گئی۔
34
❧
حریت رہنماؤں نے کہا کہ بھارت کشمیر میں آبادی کا تناسب تبدیل کرنے کی سازش کر رہا ہے۔ 2015 میں یہ سلسلہ تیز ہوا۔ حریت رہنماؤں نے کہا کہ بھارت کشمیر میں آبادی کا تناسب تبدیل کرنے کی سازش کر رہا ہے۔ 2015 میں یہ سلسلہ تیز ہوا۔ حریت رہنماؤں نے کہا کہ بھارت کشمیر میں آبادی کا تناسب تبدیل کرنے کی سازش کر رہا ہے۔ 2015 میں یہ سلسلہ تیز ہوا۔ حریت رہنماؤں نے کہا کہ بھارت کشمیر میں آبادی کا تناسب تبدیل کرنے کی سازش کر رہا ہے۔ 2015 میں یہ سلسلہ تیز ہوا۔ حریت رہنماؤں نے کہا کہ بھارت کشمیر میں آبادی کا تناسب تبدیل کرنے کی سازش کر رہا ہے۔ 2015 میں یہ سلسلہ تیز ہوا۔ حریت رہنماؤں نے کہا کہ بھارت کشمیر میں آبادی کا تناسب تبدیل کرنے کی سازش کر رہا ہے۔ 2015 میں یہ سلسلہ تیز ہوا۔
35
❧
سرینگر میں بڑے پیمانے پر احتجاجی مظاہرے کیے گئے جن میں ہزاروں افراد شریک ہوئے۔ سرینگر میں بڑے پیمانے پر احتجاجی مظاہرے کیے گئے جن میں ہزاروں افراد شریک ہوئے۔ سرینگر میں بڑے پیمانے پر احتجاجی مظاہرے کیے گئے جن میں ہزاروں افراد شریک ہوئے۔ سرینگر میں بڑے پیمانے پر احتجاجی مظاہرے کیے گئے جن میں ہزاروں افراد شریک ہوئے۔ سرینگر میں بڑے پیمانے پر احتجاجی مظاہرے کیے گئے جن میں ہزاروں افراد شریک ہوئے۔ سرینگر میں بڑے پیمانے پر احتجاجی مظاہرے کیے گئے جن میں ہزاروں افراد شریک ہوئے۔
36
❧
کشمیری قیادت نے بھارتی انتخابات کو مسترد کر دیا۔ کشمیری قیادت نے بھارتی انتخابات کو مسترد کر دیا۔ کشمیری قیادت نے بھارتی انتخابات کو مسترد کر دیا۔ کشمیری قیادت نے بھارتی انتخابات کو مسترد کر دیا۔ کشمیری قیادت نے بھارتی انتخابات کو مسترد کر دیا۔ کشمیری قیادت نے بھارتی انتخابات کو مسترد کر دیا۔
37
❧
مقبوضہ کشمیر میں انٹرنیٹ سروس معطل کر دی گئی۔ عوام کو شدید مشکلات کا سامنا ہے۔ مقبوضہ کشمیر میں انٹرنیٹ سروس معطل کر دی گئی۔ عوام کو شدید مشکلات کا سامنا ہے۔ مقبوضہ کشمیر میں انٹرنیٹ سروس معطل کر دی گئی۔ عوام کو شدید مشکلات کا سامنا ہے۔ مقبوضہ کشمیر میں انٹرنیٹ سروس معطل کر دی گئی۔ عوام کو شدید مشکلات کا سامنا ہے۔ مقبوضہ کشمیر میں انٹرنیٹ سروس معطل کر دی گئی۔ عوام کو شدید مشکلات کا سامنا ہے۔ مقبوضہ کشمیر میں انٹرنیٹ سروس معطل کر دی گئی۔ عوام کو شدید مشکلات کا سامنا ہے۔
38
❧
پاکستانی عوام نے کشمیری بھائیوں کے ساتھ مکمل یکجہتی کا اظہار کیا۔ پاکستانی عوام نے کشمیری بھائیوں کے ساتھ مکمل یکجہتی کا اظہار کیا۔ پاکستانی عوام نے کشمیری بھائیوں کے ساتھ مکمل یکجہتی کا اظہار کیا۔ پاکستانی عوام نے کشمیری بھائیوں کے ساتھ مکمل یکجہتی کا اظہار کیا۔ پاکستانی عوام نے کشمیری بھائیوں کے ساتھ مکمل یکجہتی کا اظہار کیا۔ پاکستانی عوام نے کشمیری بھائیوں کے ساتھ مکمل یکجہتی کا اظہار کیا۔
39
❧
کشمیر کے مسئلے پر عالمی کانفرنس کے انعقاد کا مطالبہ کیا گیا۔ کشمیر کے مسئلے پر عالمی کانفرنس کے انعقاد کا مطالبہ کیا گیا۔ کشمیر کے مسئلے پر عالمی کانفرنس کے انعقاد کا مطالبہ کیا گیا۔ کشمیر کے مسئلے پر عالمی کانفرنس کے انعقاد کا مطالبہ کیا گیا۔ کشمیر کے مسئلے پر عالمی کانفرنس کے انعقاد کا مطالبہ کیا گیا۔ کشمیر کے مسئلے پر عالمی کانفرنس کے انعقاد کا مطالبہ کیا گیا۔
40
❧
آزاد کشمیر کے صدر نے کہا کہ کشمیری عوام کی جدوجہد کامیابی سے ہمکنار ہوگی۔ انہوں نے عالمی رہنماؤں سے رابطے کیے۔ آزاد کشمیر کے صدر نے کہا کہ کشمیری عوام کی جدوجہد کامیابی سے ہمکنار ہوگی۔ انہوں نے عالمی رہنماؤں سے رابطے کیے۔ آزاد کشمیر کے صدر نے کہا کہ کشمیری عوام کی جدوجہد کامیابی سے ہمکنار ہوگی۔ انہوں نے عالمی رہنماؤں سے رابطے کیے۔ آزاد کشمیر کے صدر نے کہا کہ کشمیری عوام کی جدوجہد کامیابی سے ہمکنار ہوگی۔ انہوں نے عالمی رہنماؤں سے رابطے کیے۔ آزاد کشمیر کے صدر نے کہا کہ کشمیری عوام کی جدوجہد کامیابی سے ہمکنار ہوگی۔ انہوں نے عالمی رہنماؤں سے رابطے کیے۔ آزاد کشمیر کے صدر نے کہا کہ کشمیری عوام کی جدوجہد کامیابی سے ہمکنار ہوگی۔ انہوں نے عالمی رہنماؤں سے رابطے کیے۔
41
❧
بھارتی فوج نے کپواڑہ میں آپریشن کے دوران 6 نوجوانوں کو شہید کر دیا۔ 22 افراد زخمی ہوئے۔ بھارتی فوج نے کپواڑہ میں آپریشن کے دوران 6 نوجوانوں کو شہید کر دیا۔ 22 افراد زخمی ہوئے۔ بھارتی فوج نے کپواڑہ میں آپریشن کے دوران 6 نوجوانوں کو شہید کر دیا۔ 22 افراد زخمی ہوئے۔ بھارتی فوج نے کپواڑہ میں آپریشن کے دوران 6 نوجوانوں کو شہید کر دیا۔ 22 افراد زخمی ہوئے۔ بھارتی فوج نے کپواڑہ میں آپریشن کے دوران 6 نوجوانوں کو شہید کر دیا۔ 22 افراد زخمی ہوئے۔ بھارتی فوج نے کپواڑہ میں آپریشن کے دوران 6 نوجوانوں کو شہید کر دیا۔ 22 افراد زخمی ہوئے۔
42
❧
کشمیری رہنماؤں نے یورپی یونین کے وفد سے ملاقات کی۔ کشمیری رہنماؤں نے یورپی یونین کے وفد سے ملاقات کی۔ کشمیری رہنماؤں نے یورپی یونین کے وفد سے ملاقات کی۔ کشمیری رہنماؤں نے یورپی یونین کے وفد سے ملاقات کی۔ کشمیری رہنماؤں نے یورپی یونین کے وفد سے ملاقات کی۔ کشمیری رہنماؤں نے یورپی یونین کے وفد سے ملاقات کی۔
43
❧
مقبوضہ کشمیر میں تعلیمی ادارے بند کر دیے گئے۔ مقبوضہ کشمیر میں تعلیمی ادارے بند کر دیے گئے۔ مقبوضہ کشمیر میں تعلیمی ادارے بند کر دیے گئے۔ مقبوضہ کشمیر میں تعلیمی ادارے بند کر دیے گئے۔ مقبوضہ کشمیر میں تعلیمی ادارے بند کر دیے گئے۔ مقبوضہ کشمیر میں تعلیمی ادارے بند کر دیے گئے۔
44
❧
کشمیر کی آزادی تک جدوجہد جاری رکھنے کا عزم۔ 2 نئے منصوبے شروع ہوئے۔ کشمیر کی آزادی تک جدوجہد جاری رکھنے کا عزم۔ 2 نئے منصوبے شروع ہوئے۔ کشمیر کی آزادی تک جدوجہد جاری رکھنے کا عزم۔ 2 نئے منصوبے شروع ہوئے۔ کشمیر کی آزادی تک جدوجہد جاری رکھنے کا عزم۔ 2 نئے منصوبے شروع ہوئے۔ کشمیر کی آزادی تک جدوجہد جاری رکھنے کا عزم۔ 2 نئے منصوبے شروع ہوئے۔ کشمیر کی آزادی تک جدوجہد جاری رکھنے کا عزم۔ 2 نئے منصوبے شروع ہوئے۔
45
❧
حکومت پاکستان کشمیریوں کی سفارتی اور اخلاقی حمایت جاری رکھے گی۔ حکومت پاکستان کشمیریوں کی سفارتی اور اخلاقی حمایت جاری رکھے گی۔ حکومت پاکستان کشمیریوں کی سفارتی اور اخلاقی حمایت جاری رکھے گی۔ حکومت پاکستان کشمیریوں کی سفارتی اور اخلاقی حمایت جاری رکھے گی۔ حکومت پاکستان کشمیریوں کی سفارتی اور اخلاقی حمایت جاری رکھے گی۔ حکومت پاکستان کشمیریوں کی سفارتی اور اخلاقی حمایت جاری رکھے گی۔
46
❧
کشمیری عوام نے بھارتی یوم آزادی کو یوم سیاہ کے طور پر منایا۔ کشمیری عوام نے بھارتی یوم آزادی کو یوم سیاہ کے طور پر منایا۔ کشمیری عوام نے بھارتی یوم آزادی کو یوم سیاہ کے طور پر منایا۔ کشمیری عوام نے بھارتی یوم آزادی کو یوم سیاہ کے طور پر منایا۔ کشمیری عوام نے بھارتی یوم آزادی کو یوم سیاہ کے طور پر منایا۔ کشمیری عوام نے بھارتی یوم آزادی کو یوم سیاہ کے طور پر منایا۔
47
❧
وادی میں مکمل ہڑتال کی گئی اور کاروبار بند رہا۔ وادی میں مکمل ہڑتال کی گئی اور کاروبار بند رہا۔ وادی میں مکمل ہڑتال کی گئی اور کاروبار بند رہا۔ وادی میں مکمل ہڑتال کی گئی اور کاروبار بند رہا۔ وادی میں مکمل ہڑتال کی گئی اور کاروبار بند رہا۔ وادی میں مکمل ہڑتال کی گئی اور کاروبار بند رہا۔
48
❧
آزاد کشمیر میں سیاحت کے فروغ کے لیے اقدامات کیے جا رہے ہیں۔ آزاد کشمیر میں سیاحت کے فروغ کے لیے اقدامات کیے جا رہے ہیں۔ آزاد کشمیر میں سیاحت کے فروغ کے لیے اقدامات کیے جا رہے ہیں۔ آزاد کشمیر میں سیاحت کے فروغ کے لیے اقدامات کیے جا رہے ہیں۔ آزاد کشمیر میں سیاحت کے فروغ کے لیے اقدامات کیے جا رہے ہیں۔ آزاد کشمیر میں سیاحت کے فروغ کے لیے اقدامات کیے جا رہے ہیں۔
49
❧
کشمیر پوسٹ کی رپورٹ کے مطابق صورتحال کشیدہ ہے۔ 8th اور 9th اجلاس منعقد ہوئے۔ کشمیر پوسٹ کی رپورٹ کے مطابق صورتحال کشیدہ ہے۔ 8th اور 9th اجلاس منعقد ہوئے۔ کشمیر پوسٹ کی رپورٹ کے مطابق صورتحال کشیدہ ہے۔ 8th اور 9th اجلاس منعقد ہوئے۔ کشمیر پوسٹ کی رپورٹ کے مطابق صورتحال کشیدہ ہے۔ 8th اور 9th اجلاس منعقد ہوئے۔ کشمیر پوسٹ کی رپورٹ کے مطابق صورتحال کشیدہ ہے۔ 8th اور 9th اجلاس منعقد ہوئے۔ کشمیر پوسٹ کی رپورٹ کے مطابق صورتحال کشیدہ ہے۔ 8th اور 9th اجلاس منعقد ہوئے۔
50
❧
آزاد کشمیر کی سیاسی جماعتوں نے مشترکہ اعلامیہ جاری کیا۔ 2006 کے بعد یہ پہلا موقع ہے۔ آزاد کشمیر کی سیاسی جماعتوں نے مشترکہ اعلامیہ جاری کیا۔ 2006 کے بعد یہ پہلا موقع ہے۔ آزاد کشمیر کی سیاسی جماعتوں نے مشترکہ اعلامیہ جاری کیا۔ 2006 کے بعد یہ پہلا موقع ہے۔ آزاد کشمیر کی سیاسی جماعتوں نے مشترکہ اعلامیہ جاری کیا۔ 2006 کے بعد یہ پہلا موقع ہے۔ آزاد کشمیر کی سیاسی جماعتوں نے مشترکہ اعلامیہ جاری کیا۔ 2006 کے بعد یہ پہلا موقع ہے۔ آزاد کشمیر کی سیاسی جماعتوں نے مشترکہ اعلامیہ جاری کیا۔ 2006 کے بعد یہ پہلا موقع ہے۔
51
❧
بھارتی مظالم کے خلاف عالمی سطح پر آواز اٹھانے کا فیصلہ کیا گیا۔ 24 رکنی وفد روانہ ہوگا۔ بھارتی مظالم کے خلاف عالمی سطح پر آواز اٹھانے کا فیصلہ کیا گیا۔ 24 رکنی وفد روانہ ہوگا۔ بھارتی مظالم کے خلاف عالمی سطح پر آواز اٹھانے کا فیصلہ کیا گیا۔ 24 رکنی وفد روانہ ہوگا۔ بھارتی مظالم کے خلاف عالمی سطح پر آواز اٹھانے کا فیصلہ کیا گیا۔ 24 رکنی وفد روانہ ہوگا۔ بھارتی مظالم کے خلاف عالمی سطح پر آواز اٹھانے کا فیصلہ کیا گیا۔ 24 رکنی وفد روانہ ہوگا۔ بھارتی مظالم کے خلاف عالمی سطح پر آواز اٹھانے کا فیصلہ کیا گیا۔ 24 رکنی وفد روانہ ہوگا۔
52
❧
کشمیری خواتین نے انسانی حقوق کی خلاف ورزیوں پر احتجاج کیا۔ کشمیری خواتین نے انسانی حقوق کی خلاف ورزیوں پر احتجاج کیا۔ کشمیری خواتین نے انسانی حقوق کی خلاف ورزیوں پر احتجاج کیا۔ کشمیری خواتین نے انسانی حقوق کی خلاف ورزیوں پر احتجاج کیا۔ کشمیری خواتین نے انسانی حقوق کی خلاف ورزیوں پر احتجاج کیا۔ کشمیری خواتین نے انسانی حقوق کی خلاف ورزیوں پر احتجاج کیا۔
53
❧
مقبوضہ کشمیر میں گرفتاریوں کا سلسلہ جاری ہے۔ مقبوضہ کشمیر میں گرفتاریوں کا سلسلہ جاری ہے۔ مقبوضہ کشمیر میں گرفتاریوں کا سلسلہ جاری ہے۔ مقبوضہ کشمیر میں گرفتاریوں کا سلسلہ جاری ہے۔ مقبوضہ کشمیر میں گرفتاریوں کا سلسلہ جاری ہے۔ مقبوضہ کشمیر میں گرفتاریوں کا سلسلہ جاری ہے۔
54
❧
کشمیری نوجوانوں نے آزادی کا پرچم لہرایا۔ کشمیری نوجوانوں نے آزادی کا پرچم لہرایا۔ کشمیری نوجوانوں نے آزادی کا پرچم لہرایا۔ کشمیری نوجوانوں نے آزادی کا پرچم لہرایا۔ کشمیری نوجوانوں نے آزادی کا پرچم لہرایا۔ کشمیری نوجوانوں نے آزادی کا پرچم لہرایا۔
55
❧
کشمیر کاز کے لیے دعائیہ تقریب منعقد کی گئی۔ کشمیر کاز کے لیے دعائیہ تقریب منعقد کی گئی۔ کشمیر کاز کے لیے دعائیہ تقریب منعقد کی گئی۔ کشمیر کاز کے لیے دعائیہ تقریب منعقد کی گئی۔ کشمیر کاز کے لیے دعائیہ تقریب منعقد کی گئی۔ کشمیر کاز کے لیے دعائیہ تقریب منعقد کی گئی۔
